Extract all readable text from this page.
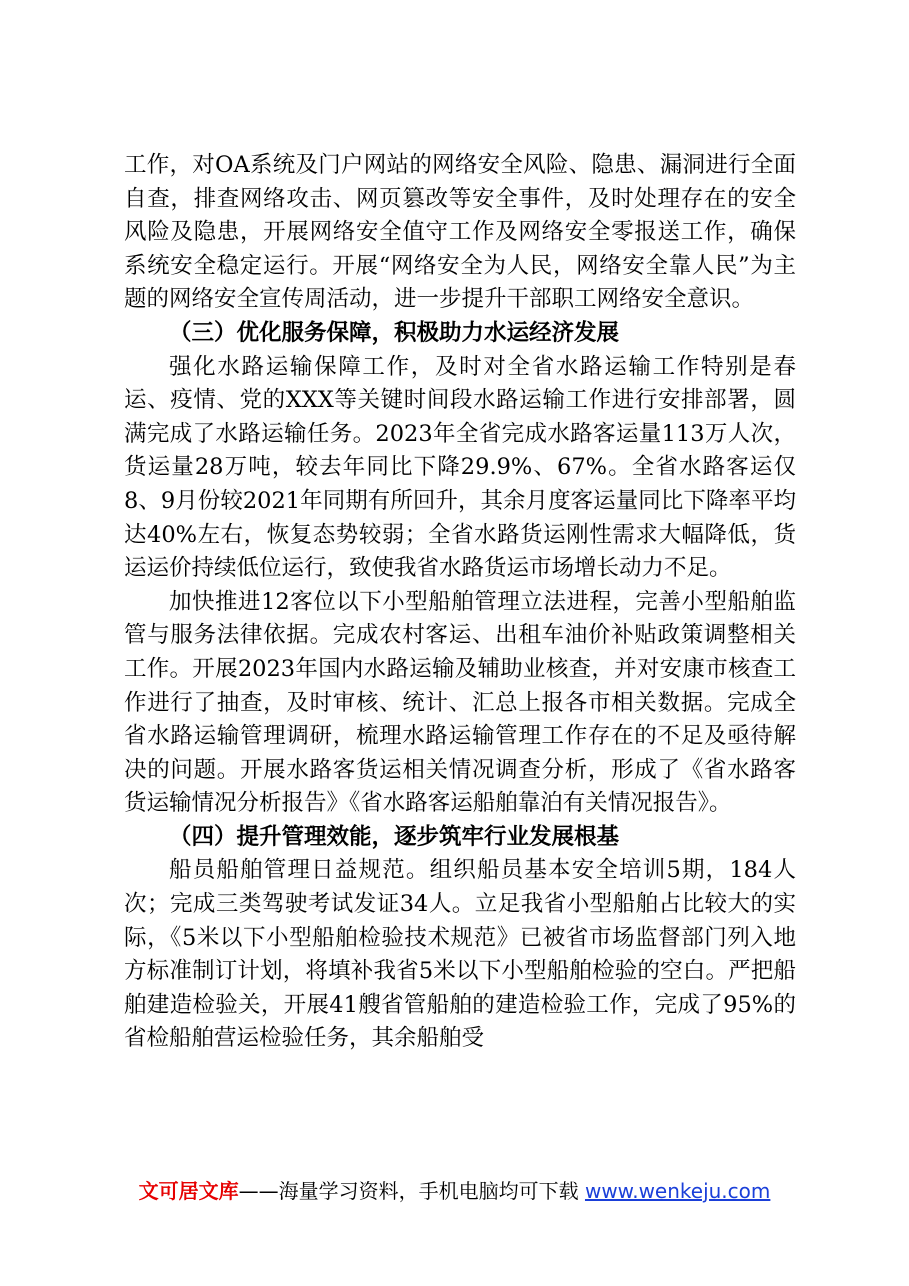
工作，对OA系统及门户网站的网络安全风险、隐患、漏洞进行全面自查，排查网络攻击、网页篡改等安全事件，及时处理存在的安全风险及隐患，开展网络安全值守工作及网络安全零报送工作，确保系统安全稳定运行。开展“网络安全为人民，网络安全靠人民”为主题的网络安全宣传周活动，进一步提升干部职工网络安全意识。

（三）优化服务保障，积极助力水运经济发展

强化水路运输保障工作，及时对全省水路运输工作特别是春运、疫情、党的XXX等关键时间段水路运输工作进行安排部署，圆满完成了水路运输任务。2023年全省完成水路客运量113万人次，货运量28万吨，较去年同比下降29.9%、67%。全省水路客运仅8、9月份较2021年同期有所回升，其余月度客运量同比下降率平均达40%左右，恢复态势较弱；全省水路货运刚性需求大幅降低，货运运价持续低位运行，致使我省水路货运市场增长动力不足。

加快推进12客位以下小型船舶管理立法进程，完善小型船舶监管与服务法律依据。完成农村客运、出租车油价补贴政策调整相关工作。开展2023年国内水路运输及辅助业核查，并对安康市核查工作进行了抽查，及时审核、统计、汇总上报各市相关数据。完成全省水路运输管理调研，梳理水路运输管理工作存在的不足及亟待解决的问题。开展水路客货运相关情况调查分析，形成了《省水路客货运输情况分析报告》《省水路客运船舶靠泊有关情况报告》。

（四）提升管理效能，逐步筑牢行业发展根基

船员船舶管理日益规范。组织船员基本安全培训5期，184人次；完成三类驾驶考试发证34人。立足我省小型船舶占比较大的实际，《5米以下小型船舶检验技术规范》已被省市场监督部门列入地方标准制订计划，将填补我省5米以下小型船舶检验的空白。严把船舶建造检验关，开展41艘省管船舶的建造检验工作，完成了95%的省检船舶营运检验任务，其余船舶受

文可居文库——海量学习资料，手机电脑均可下载 www.wenkeju.com
